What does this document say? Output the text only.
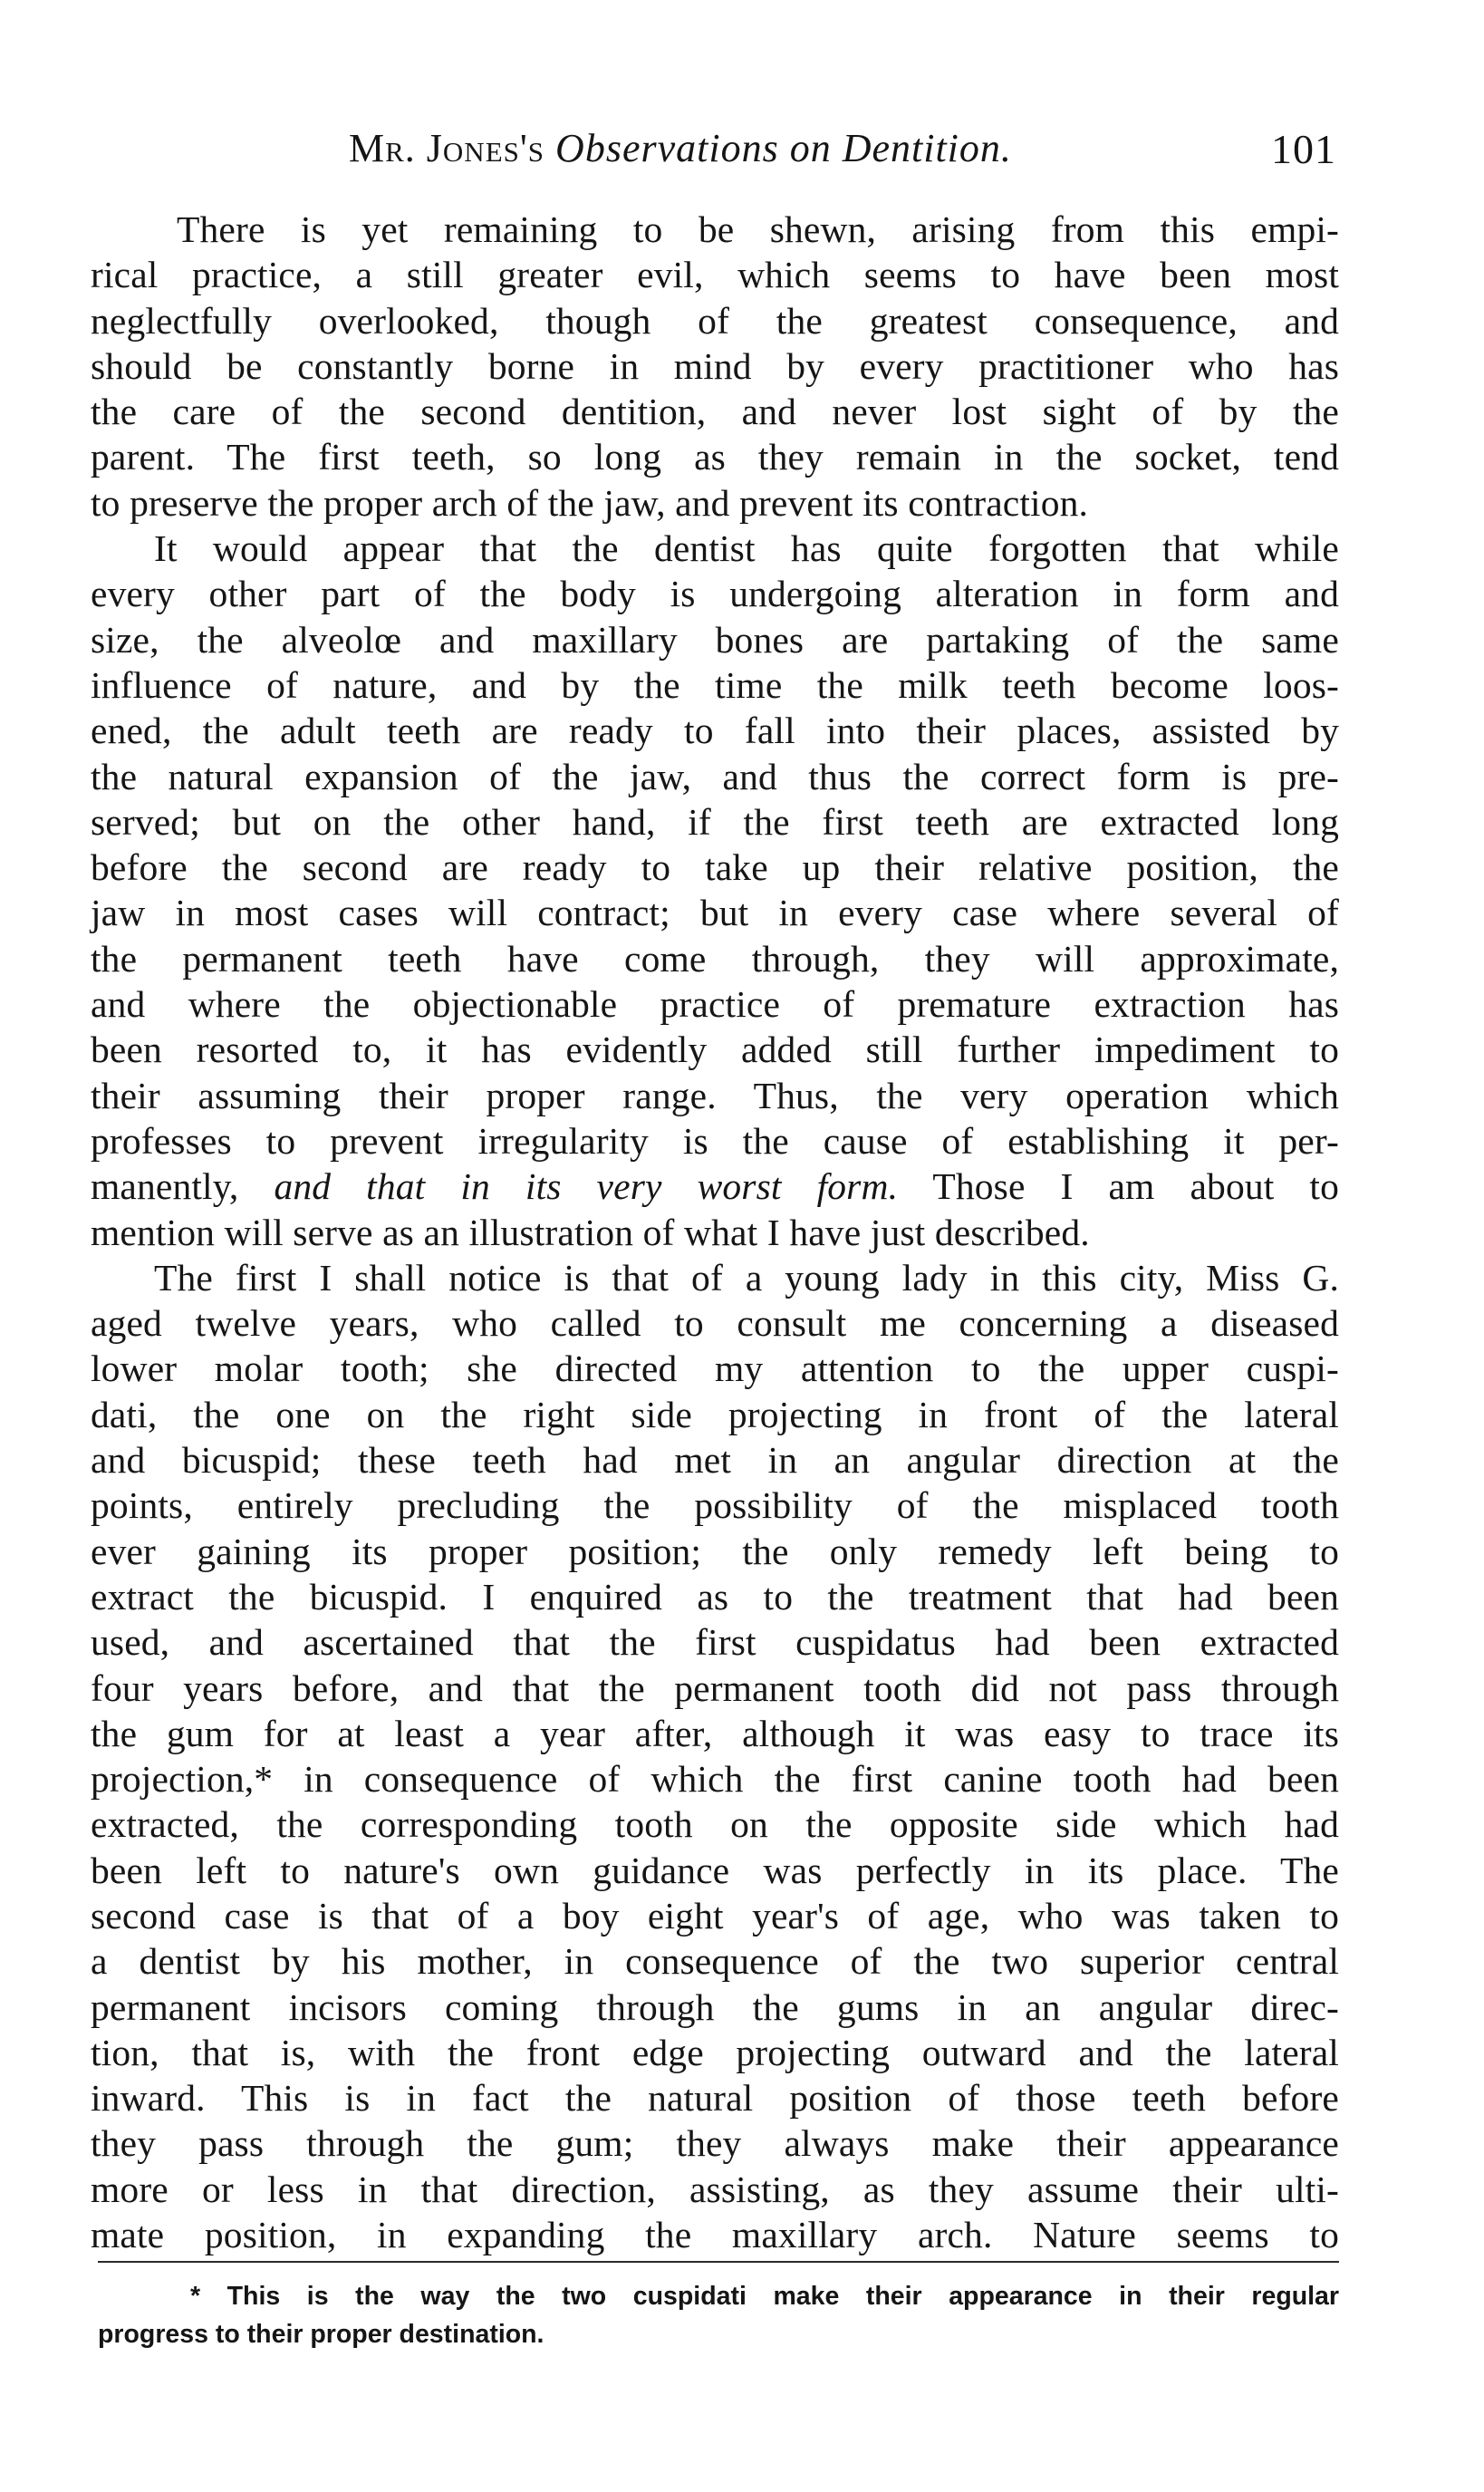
Mr. Jones's Observations on Dentition.	101
There is yet remaining to be shewn, arising from this empi-
rical practice, a still greater evil, which seems to have been most
neglectfully overlooked, though of the greatest consequence, and
should be constantly borne in mind by every practitioner who has
the care of the second dentition, and never lost sight of by the
parent. The first teeth, so long as they remain in the socket, tend
to preserve the proper arch of the jaw, and prevent its contraction.
It would appear that the dentist has quite forgotten that while
every other part of the body is undergoing alteration in form and
size, the alveolœ and maxillary bones are partaking of the same
influence of nature, and by the time the milk teeth become loos-
ened, the adult teeth are ready to fall into their places, assisted by
the natural expansion of the jaw, and thus the correct form is pre-
served; but on the other hand, if the first teeth are extracted long
before the second are ready to take up their relative position, the
jaw in most cases will contract; but in every case where several of
the permanent teeth have come through, they will approximate,
and where the objectionable practice of premature extraction has
been resorted to, it has evidently added still further impediment to
their assuming their proper range. Thus, the very operation which
professes to prevent irregularity is the cause of establishing it per-
manently, and that in its very worst form. Those I am about to
mention will serve as an illustration of what I have just described.
The first I shall notice is that of a young lady in this city, Miss G.
aged twelve years, who called to consult me concerning a diseased
lower molar tooth; she directed my attention to the upper cuspi-
dati, the one on the right side projecting in front of the lateral
and bicuspid; these teeth had met in an angular direction at the
points, entirely precluding the possibility of the misplaced tooth
ever gaining its proper position; the only remedy left being to
extract the bicuspid. I enquired as to the treatment that had been
used, and ascertained that the first cuspidatus had been extracted
four years before, and that the permanent tooth did not pass through
the gum for at least a year after, although it was easy to trace its
projection,* in consequence of which the first canine tooth had been
extracted, the corresponding tooth on the opposite side which had
been left to nature's own guidance was perfectly in its place. The
second case is that of a boy eight year's of age, who was taken to
a dentist by his mother, in consequence of the two superior central
permanent incisors coming through the gums in an angular direc-
tion, that is, with the front edge projecting outward and the lateral
inward. This is in fact the natural position of those teeth before
they pass through the gum; they always make their appearance
more or less in that direction, assisting, as they assume their ulti-
mate position, in expanding the maxillary arch. Nature seems to
* This is the way the two cuspidati make their appearance in their regular
progress to their proper destination.
